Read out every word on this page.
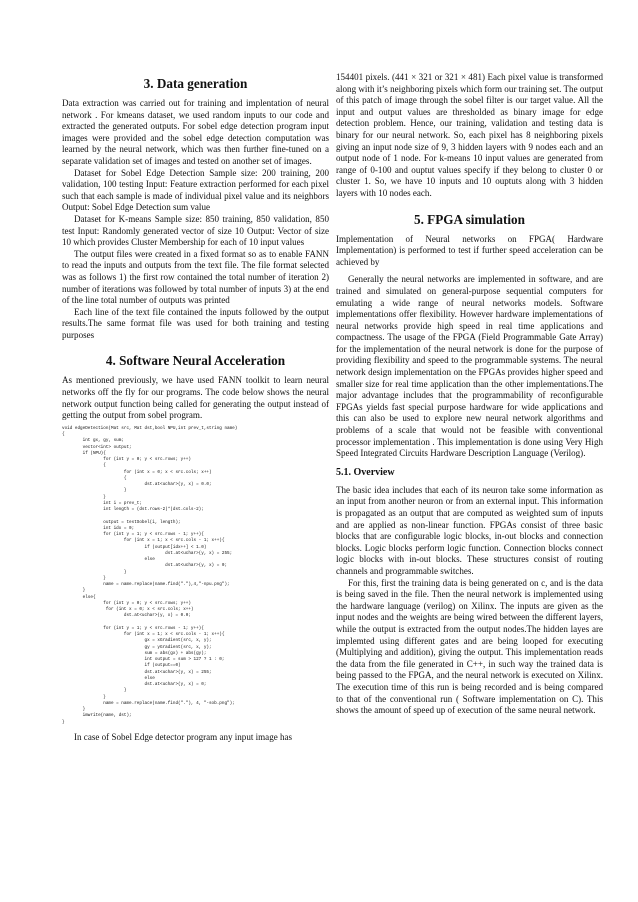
3. Data generation

Data extraction was carried out for training and implentation of neural network . For kmeans dataset, we used random inputs to our code and extracted the generated outputs. For sobel edge detection program input images were provided and the sobel edge detection computation was learned by the neural network, which was then further fine-tuned on a separate validation set of images and tested on another set of images.

Dataset for Sobel Edge Detection Sample size: 200 training, 200 validation, 100 testing Input: Feature extraction performed for each pixel such that each sample is made of individual pixel value and its neighbors Output: Sobel Edge Detection sum value

Dataset for K-means Sample size: 850 training, 850 validation, 850 test Input: Randomly generated vector of size 10 Output: Vector of size 10 which provides Cluster Membership for each of 10 input values

The output files were created in a fixed format so as to enable FANN to read the inputs and outputs from the text file. The file format selected was as follows 1) the first row contained the total number of iteration 2) number of iterations was followed by total number of inputs 3) at the end of the line total number of outputs was printed

Each line of the text file contained the inputs followed by the output results.The same format file was used for both training and testing purposes

4. Software Neural Acceleration

As mentioned previously, we have used FANN toolkit to learn neural networks off the fly for our programs. The code below shows the neural network output function being called for generating the output instead of getting the output from sobel program.

void edgeDetection(Mat src, Mat dst,bool NPU,int prev_t,string name)
{
int gx, gy, sum;
vector<int> output;
if (NPU){
for (int y = 0; y < src.rows; y++)
{
for (int x = 0; x < src.cols; x++)
{
dst.at<uchar>(y, x) = 0.0;
}
}
int i = prev_t;
int length = (dst.rows-2)*(dst.cols-2);

output = testSobel(i, length);
int idx = 0;
for (int y = 1; y < src.rows - 1; y++){
for (int x = 1; x < src.cols - 1; x++){
if (output[idx++] < 1.0)
dst.at<uchar>(y, x) = 255;
else
dst.at<uchar>(y, x) = 0;
}
}
name = name.replace(name.find("."),4,"-npu.png");
}
else{
for (int y = 0; y < src.rows; y++)
for (int x = 0; x < src.cols; x++)
dst.at<uchar>(y, x) = 0.0;

for (int y = 1; y < src.rows - 1; y++){
for (int x = 1; x < src.cols - 1; x++){
gx = xGradient(src, x, y);
gy = yGradient(src, x, y);
sum = abs(gx) + abs(gy);
int output = sum > 127 ? 1 : 0;
if (output==0)
dst.at<uchar>(y, x) = 255;
else
dst.at<uchar>(y, x) = 0;
}
}
name = name.replace(name.find("."), 4, "-sob.png");
}
imwrite(name, dst);
}

In case of Sobel Edge detector program any input image has

154401 pixels. (441 × 321 or 321 × 481) Each pixel value is transformed along with it’s neighboring pixels which form our training set. The output of this patch of image through the sobel filter is our target value. All the input and output values are thresholded as binary image for edge detection problem. Hence, our training, validation and testing data is binary for our neural network. So, each pixel has 8 neighboring pixels giving an input node size of 9, 3 hidden layers with 9 nodes each and an output node of 1 node. For k-means 10 input values are generated from range of 0-100 and ouptut values specify if they belong to cluster 0 or cluster 1. So, we have 10 inputs and 10 ouptuts along with 3 hidden layers with 10 nodes each.

5. FPGA simulation

Implementation of Neural networks on FPGA( Hardware Implementation) is performed to test if further speed acceleration can be achieved by

Generally the neural networks are implemented in software, and are trained and simulated on general-purpose sequential computers for emulating a wide range of neural networks models. Software implementations offer flexibility. However hardware implementations of neural networks provide high speed in real time applications and compactness. The usage of the FPGA (Field Programmable Gate Array) for the implementation of the neural network is done for the purpose of providing flexibility and speed to the programmable systems. The neural network design implementation on the FPGAs provides higher speed and smaller size for real time application than the other implementations.The major advantage includes that the programmability of reconfigurable FPGAs yields fast special purpose hardware for wide applications and this can also be used to explore new neural network algorithms and problems of a scale that would not be feasible with conventional processor implementation . This implementation is done using Very High Speed Integrated Circuits Hardware Description Language (Verilog).

5.1. Overview

The basic idea includes that each of its neuron take some information as an input from another neuron or from an external input. This information is propagated as an output that are computed as weighted sum of inputs and are applied as non-linear function. FPGAs consist of three basic blocks that are configurable logic blocks, in-out blocks and connection blocks. Logic blocks perform logic function. Connection blocks connect logic blocks with in-out blocks. These structures consist of routing channels and programmable switches.

For this, first the training data is being generated on c, and is the data is being saved in the file. Then the neural network is implemented using the hardware language (verilog) on Xilinx. The inputs are given as the input nodes and the weights are being wired between the different layers, while the output is extracted from the output nodes.The hidden layes are implemted using different gates and are being looped for executing (Multiplying and addition), giving the output. This implementation reads the data from the file generated in C++, in such way the trained data is being passed to the FPGA, and the neural network is executed on Xilinx. The execution time of this run is being recorded and is being compared to that of the conventional run ( Software implementation on C). This shows the amount of speed up of execution of the same neural network.
